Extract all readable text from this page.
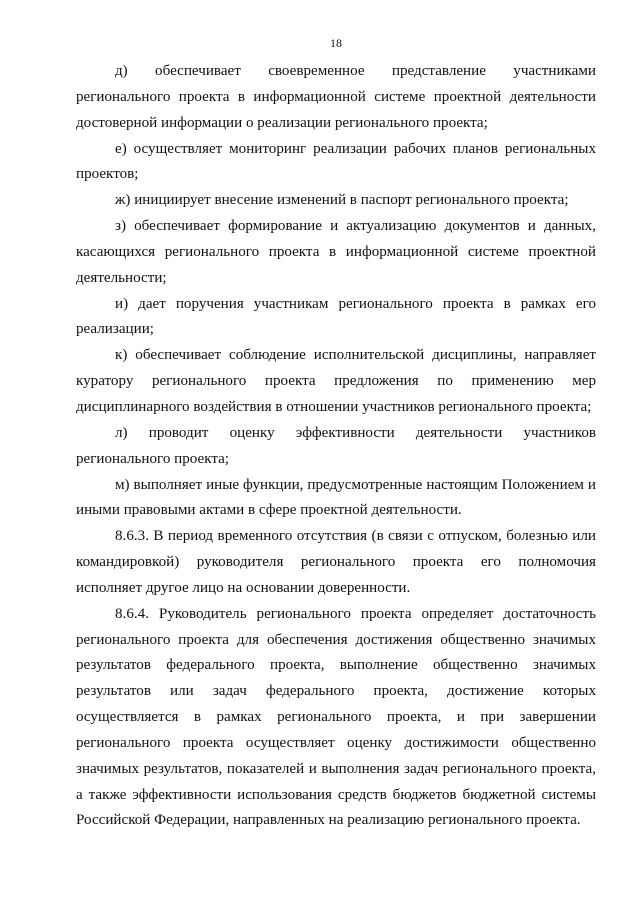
18

д) обеспечивает своевременное представление участниками регионального проекта в информационной системе проектной деятельности достоверной информации о реализации регионального проекта;

е) осуществляет мониторинг реализации рабочих планов региональных проектов;

ж) инициирует внесение изменений в паспорт регионального проекта;

з) обеспечивает формирование и актуализацию документов и данных, касающихся регионального проекта в информационной системе проектной деятельности;

и) дает поручения участникам регионального проекта в рамках его реализации;

к) обеспечивает соблюдение исполнительской дисциплины, направляет куратору регионального проекта предложения по применению мер дисциплинарного воздействия в отношении участников регионального проекта;

л) проводит оценку эффективности деятельности участников регионального проекта;

м) выполняет иные функции, предусмотренные настоящим Положением и иными правовыми актами в сфере проектной деятельности.

8.6.3. В период временного отсутствия (в связи с отпуском, болезнью или командировкой) руководителя регионального проекта его полномочия исполняет другое лицо на основании доверенности.

8.6.4. Руководитель регионального проекта определяет достаточность регионального проекта для обеспечения достижения общественно значимых результатов федерального проекта, выполнение общественно значимых результатов или задач федерального проекта, достижение которых осуществляется в рамках регионального проекта, и при завершении регионального проекта осуществляет оценку достижимости общественно значимых результатов, показателей и выполнения задач регионального проекта, а также эффективности использования средств бюджетов бюджетной системы Российской Федерации, направленных на реализацию регионального проекта.
